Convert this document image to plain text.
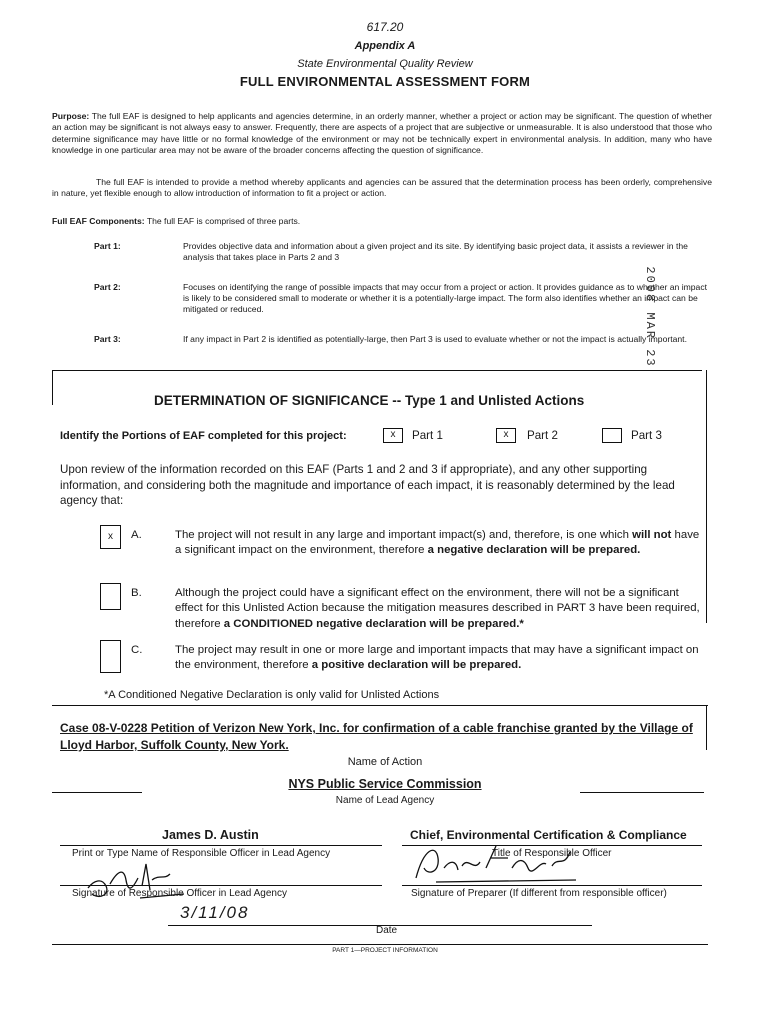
617.20
Appendix A
State Environmental Quality Review
FULL ENVIRONMENTAL ASSESSMENT FORM
Purpose: The full EAF is designed to help applicants and agencies determine, in an orderly manner, whether a project or action may be significant. The question of whether an action may be significant is not always easy to answer. Frequently, there are aspects of a project that are subjective or unmeasurable. It is also understood that those who determine significance may have little or no formal knowledge of the environment or may not be technically expert in environmental analysis. In addition, many who have knowledge in one particular area may not be aware of the broader concerns affecting the question of significance.
The full EAF is intended to provide a method whereby applicants and agencies can be assured that the determination process has been orderly, comprehensive in nature, yet flexible enough to allow introduction of information to fit a project or action.
Full EAF Components: The full EAF is comprised of three parts.
Part 1:	Provides objective data and information about a given project and its site. By identifying basic project data, it assists a reviewer in the analysis that takes place in Parts 2 and 3
Part 2:	Focuses on identifying the range of possible impacts that may occur from a project or action. It provides guidance as to whether an impact is likely to be considered small to moderate or whether it is a potentially-large impact. The form also identifies whether an impact can be mitigated or reduced.
Part 3:	If any impact in Part 2 is identified as potentially-large, then Part 3 is used to evaluate whether or not the impact is actually important.
2008 MAR 23
DETERMINATION OF SIGNIFICANCE -- Type 1 and Unlisted Actions
Identify the Portions of EAF completed for this project:	x	Part 1	x	Part 2	Part 3
Upon review of the information recorded on this EAF (Parts 1 and 2 and 3 if appropriate), and any other supporting information, and considering both the magnitude and importance of each impact, it is reasonably determined by the lead agency that:
x	A.	The project will not result in any large and important impact(s) and, therefore, is one which will not have a significant impact on the environment, therefore a negative declaration will be prepared.
B.	Although the project could have a significant effect on the environment, there will not be a significant effect for this Unlisted Action because the mitigation measures described in PART 3 have been required, therefore a CONDITIONED negative declaration will be prepared.*
C.	The project may result in one or more large and important impacts that may have a significant impact on the environment, therefore a positive declaration will be prepared.
*A Conditioned Negative Declaration is only valid for Unlisted Actions
Case 08-V-0228 Petition of Verizon New York, Inc. for confirmation of a cable franchise granted by the Village of Lloyd Harbor, Suffolk County, New York.
Name of Action
NYS Public Service Commission
Name of Lead Agency
James D. Austin
Print or Type Name of Responsible Officer in Lead Agency
Chief, Environmental Certification & Compliance
Title of Responsible Officer
Signature of Responsible Officer in Lead Agency	Signature of Preparer (If different from responsible officer)
3/11/08
Date
PART 1—PROJECT INFORMATION
